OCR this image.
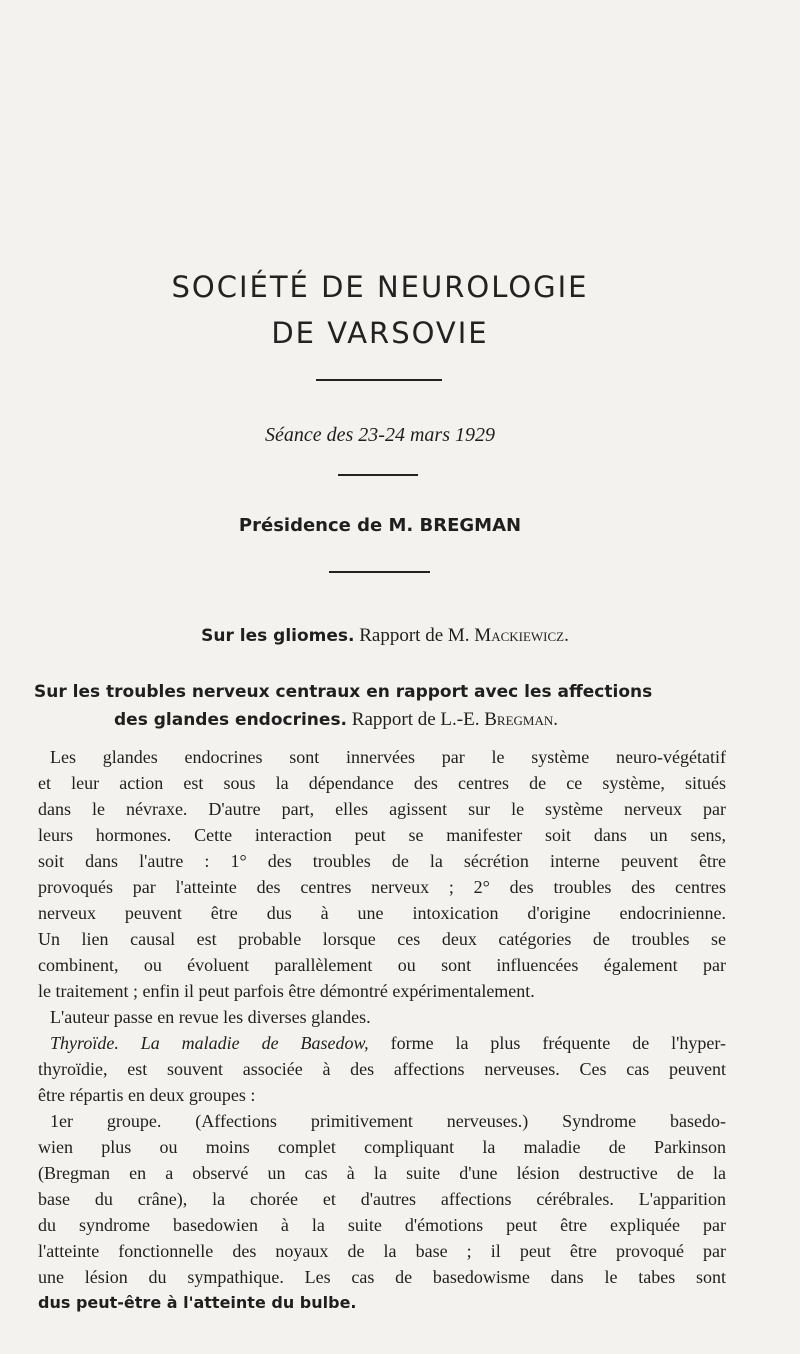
SOCIÉTÉ DE NEUROLOGIE
DE VARSOVIE
Séance des 23-24 mars 1929
Présidence de M. BREGMAN
Sur les gliomes. Rapport de M. Mackiewicz.
Sur les troubles nerveux centraux en rapport avec les affections
des glandes endocrines. Rapport de L.-E. Bregman.

Les glandes endocrines sont innervées par le système neuro-végétatif

et leur action est sous la dépendance des centres de ce système, situés

dans le névraxe. D'autre part, elles agissent sur le système nerveux par

leurs hormones. Cette interaction peut se manifester soit dans un sens,

soit dans l'autre : 1° des troubles de la sécrétion interne peuvent être

provoqués par l'atteinte des centres nerveux ; 2° des troubles des centres

nerveux peuvent être dus à une intoxication d'origine endocrinienne.

Un lien causal est probable lorsque ces deux catégories de troubles se

combinent, ou évoluent parallèlement ou sont influencées également par

le traitement ; enfin il peut parfois être démontré expérimentalement.

L'auteur passe en revue les diverses glandes.

Thyroïde. La maladie de Basedow, forme la plus fréquente de l'hyper-

thyroïdie, est souvent associée à des affections nerveuses. Ces cas peuvent

être répartis en deux groupes :

1er groupe. (Affections primitivement nerveuses.) Syndrome basedo-

wien plus ou moins complet compliquant la maladie de Parkinson

(Bregman en a observé un cas à la suite d'une lésion destructive de la

base du crâne), la chorée et d'autres affections cérébrales. L'apparition

du syndrome basedowien à la suite d'émotions peut être expliquée par

l'atteinte fonctionnelle des noyaux de la base ; il peut être provoqué par

une lésion du sympathique. Les cas de basedowisme dans le tabes sont

dus peut-être à l'atteinte du bulbe.
